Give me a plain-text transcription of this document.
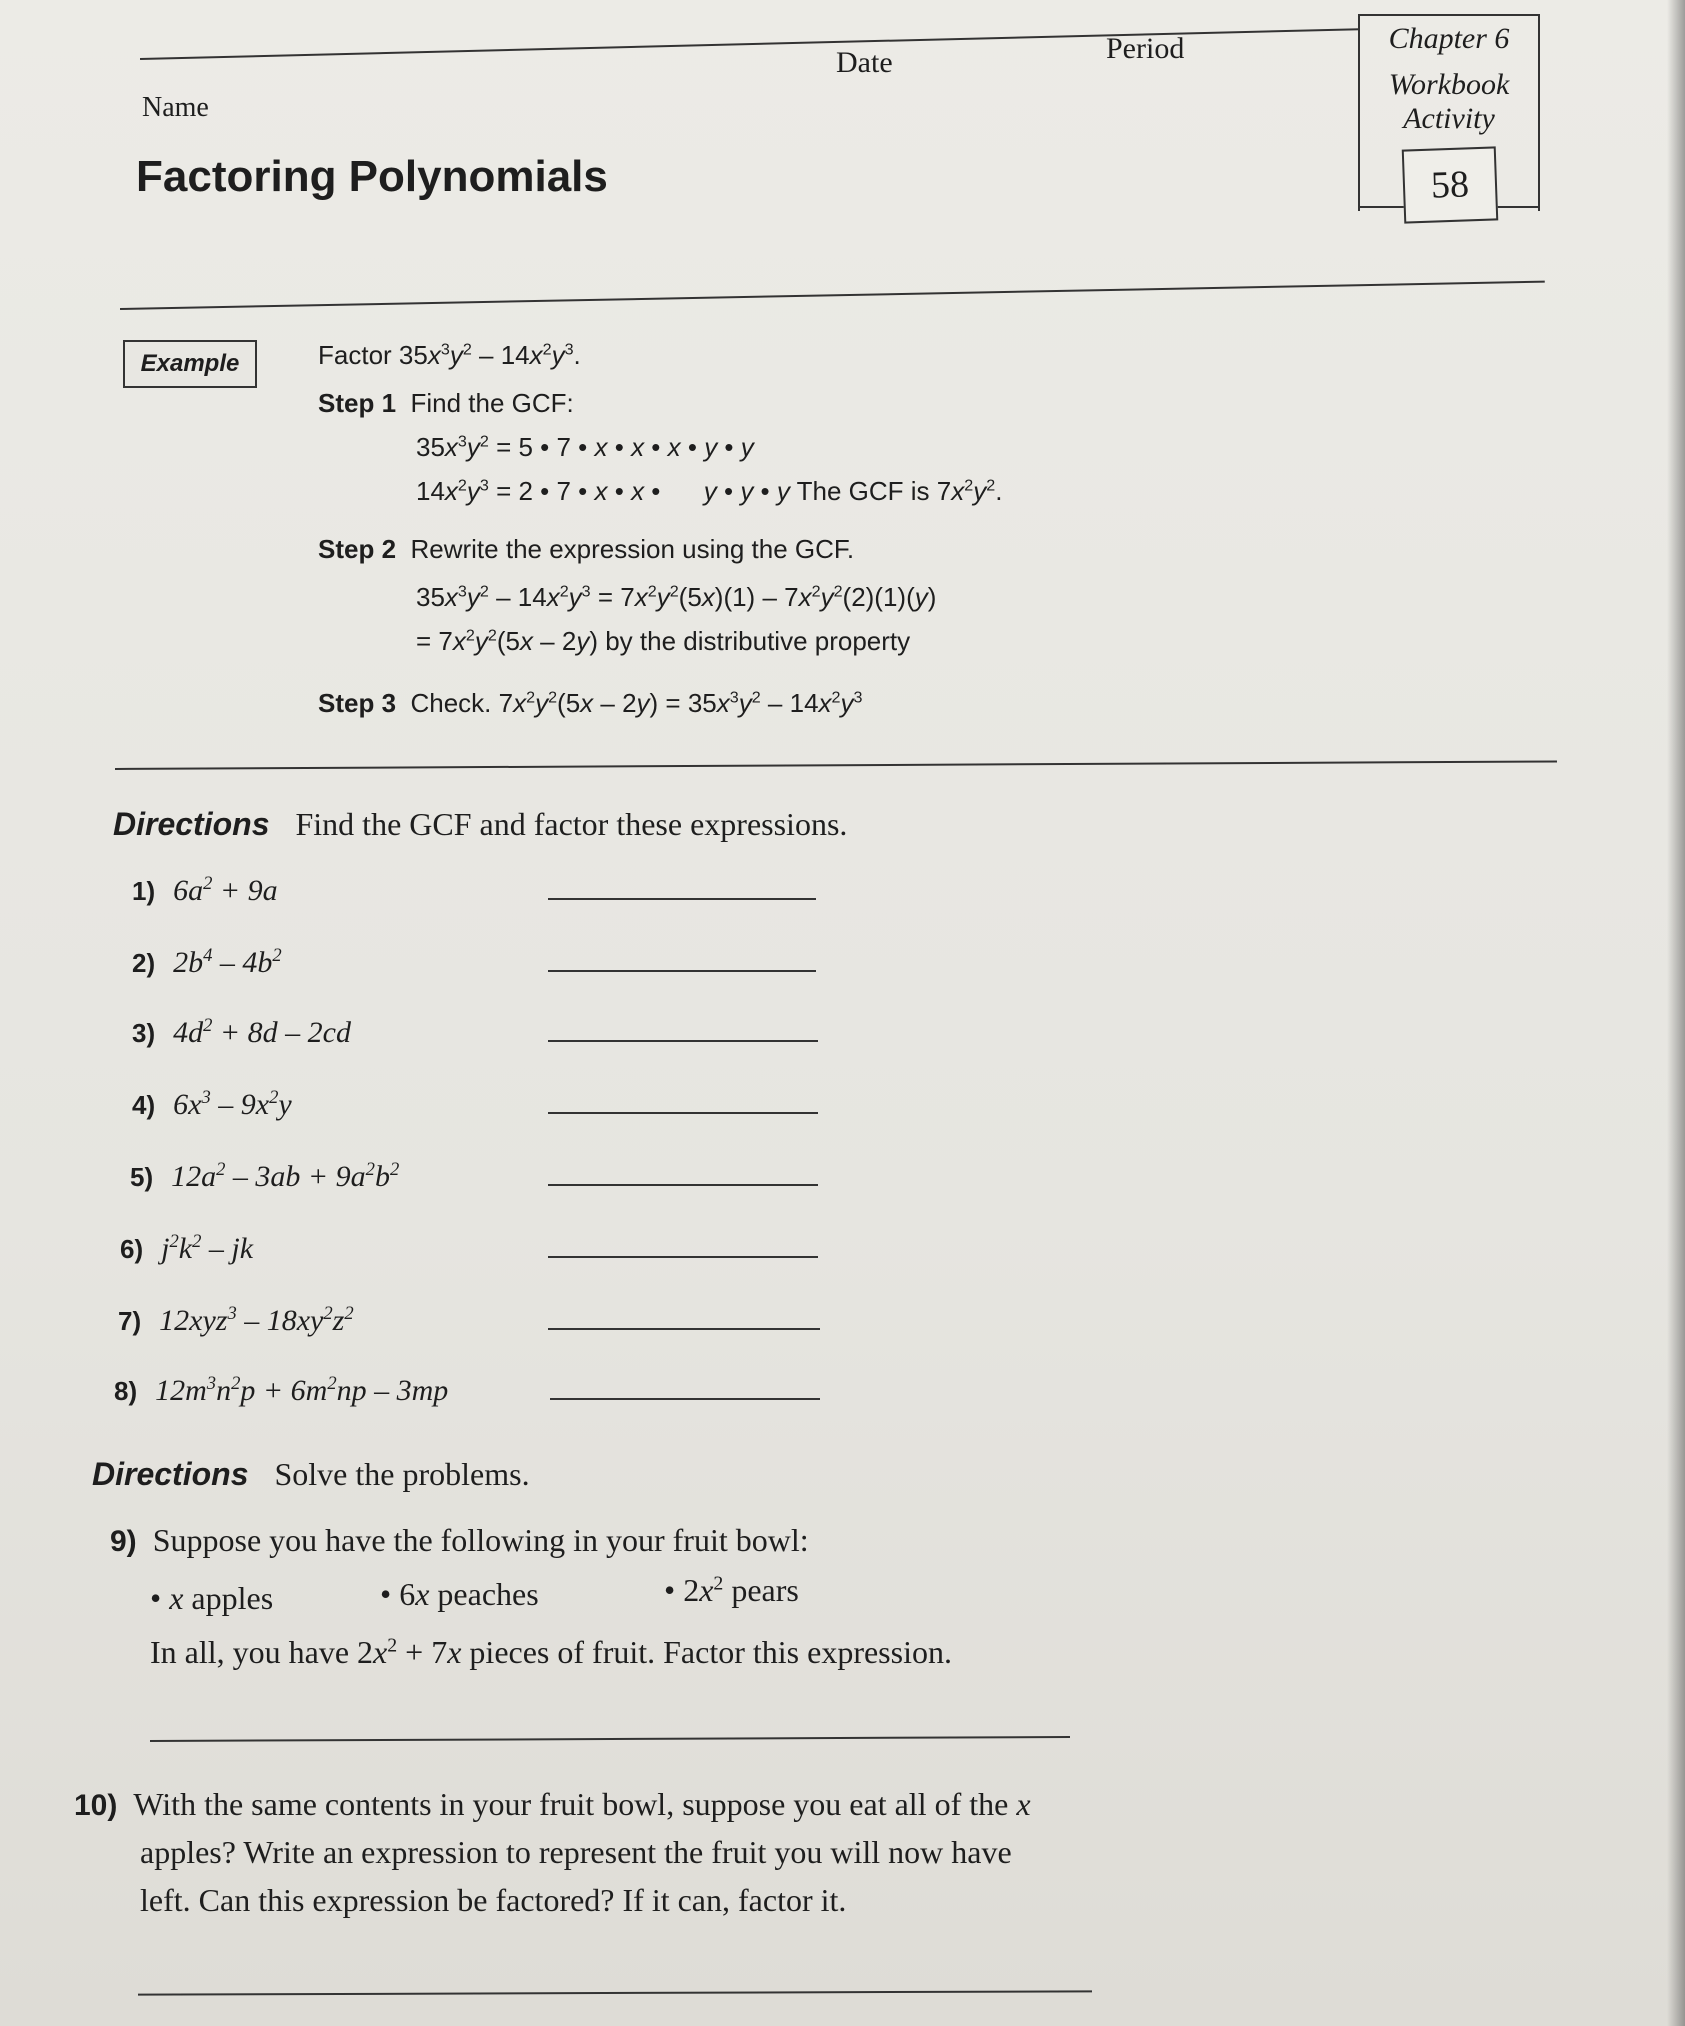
Name
Date	Period	Chapter 6
Workbook
Activity
58
Factoring Polynomials
Example	Factor $35x^3y^2 - 14x^2y^3$.
Step 1 Find the GCF:
$35x^3y^2 = 5$ • 7 • x • x • x • y • y
$14x^2y^3 = 2$ • 7 • x • x •      y • y • y The GCF is $7x^2y^2$.
Step 2 Rewrite the expression using the GCF.
$35x^3y^2 - 14x^2y^3 = 7x^2y^2(5x)(1) - 7x^2y^2(2)(1)(y)$
= $7x^2y^2(5x - 2y)$ by the distributive property
Step 3 Check. $7x^2y^2(5x - 2y) = 35x^3y^2 - 14x^2y^3$
Directions Find the GCF and factor these expressions.
1) $6a^2 + 9a$
2) $2b^4 - 4b^2$
3) $4d^2 + 8d - 2cd$
4) $6x^3 - 9x^2y$
5) $12a^2 - 3ab + 9a^2b^2$
6) $j^2k^2$ – jk
7) $12xyz^3 - 18xy^2z^2$
8) $12m^3n^2p + 6m^2np - 3mp$
Directions Solve the problems.
9) Suppose you have the following in your fruit bowl:
• x apples	• 6x peaches	• $2x^2$ pears
In all, you have $2x^2 + 7x$ pieces of fruit. Factor this expression.
10) With the same contents in your fruit bowl, suppose you eat all of the x
apples? Write an expression to represent the fruit you will now have
left. Can this expression be factored? If it can, factor it.
